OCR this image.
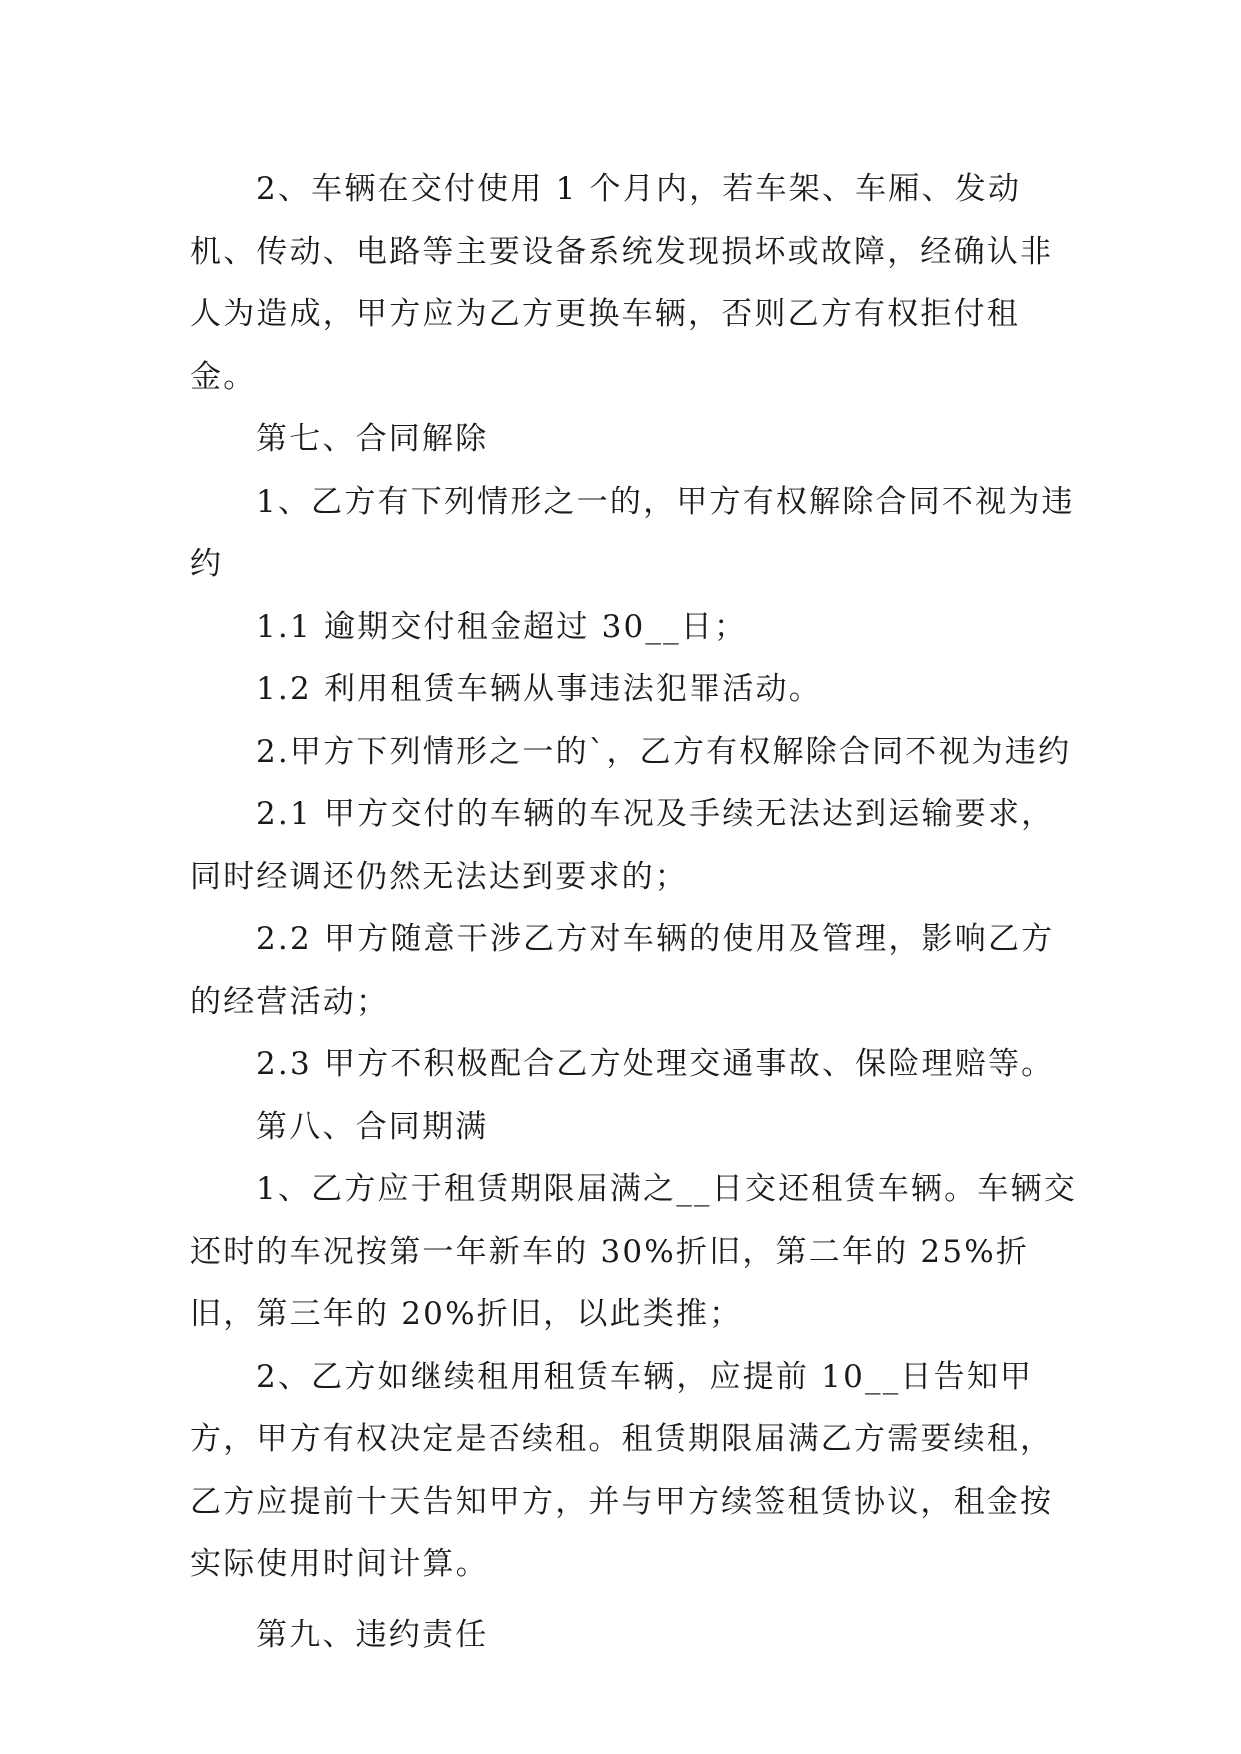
2、车辆在交付使用 1 个月内，若车架、车厢、发动机、传动、电路等主要设备系统发现损坏或故障，经确认非人为造成，甲方应为乙方更换车辆，否则乙方有权拒付租金。

第七、合同解除

1、乙方有下列情形之一的，甲方有权解除合同不视为违约

1.1 逾期交付租金超过 30__日；

1.2 利用租赁车辆从事违法犯罪活动。

2.甲方下列情形之一的`，乙方有权解除合同不视为违约

2.1 甲方交付的车辆的车况及手续无法达到运输要求，同时经调还仍然无法达到要求的；

2.2 甲方随意干涉乙方对车辆的使用及管理，影响乙方的经营活动；

2.3 甲方不积极配合乙方处理交通事故、保险理赔等。

第八、合同期满

1、乙方应于租赁期限届满之__日交还租赁车辆。车辆交还时的车况按第一年新车的 30%折旧，第二年的 25%折旧，第三年的 20%折旧，以此类推；

2、乙方如继续租用租赁车辆，应提前 10__日告知甲方，甲方有权决定是否续租。租赁期限届满乙方需要续租，乙方应提前十天告知甲方，并与甲方续签租赁协议，租金按实际使用时间计算。

第九、违约责任
